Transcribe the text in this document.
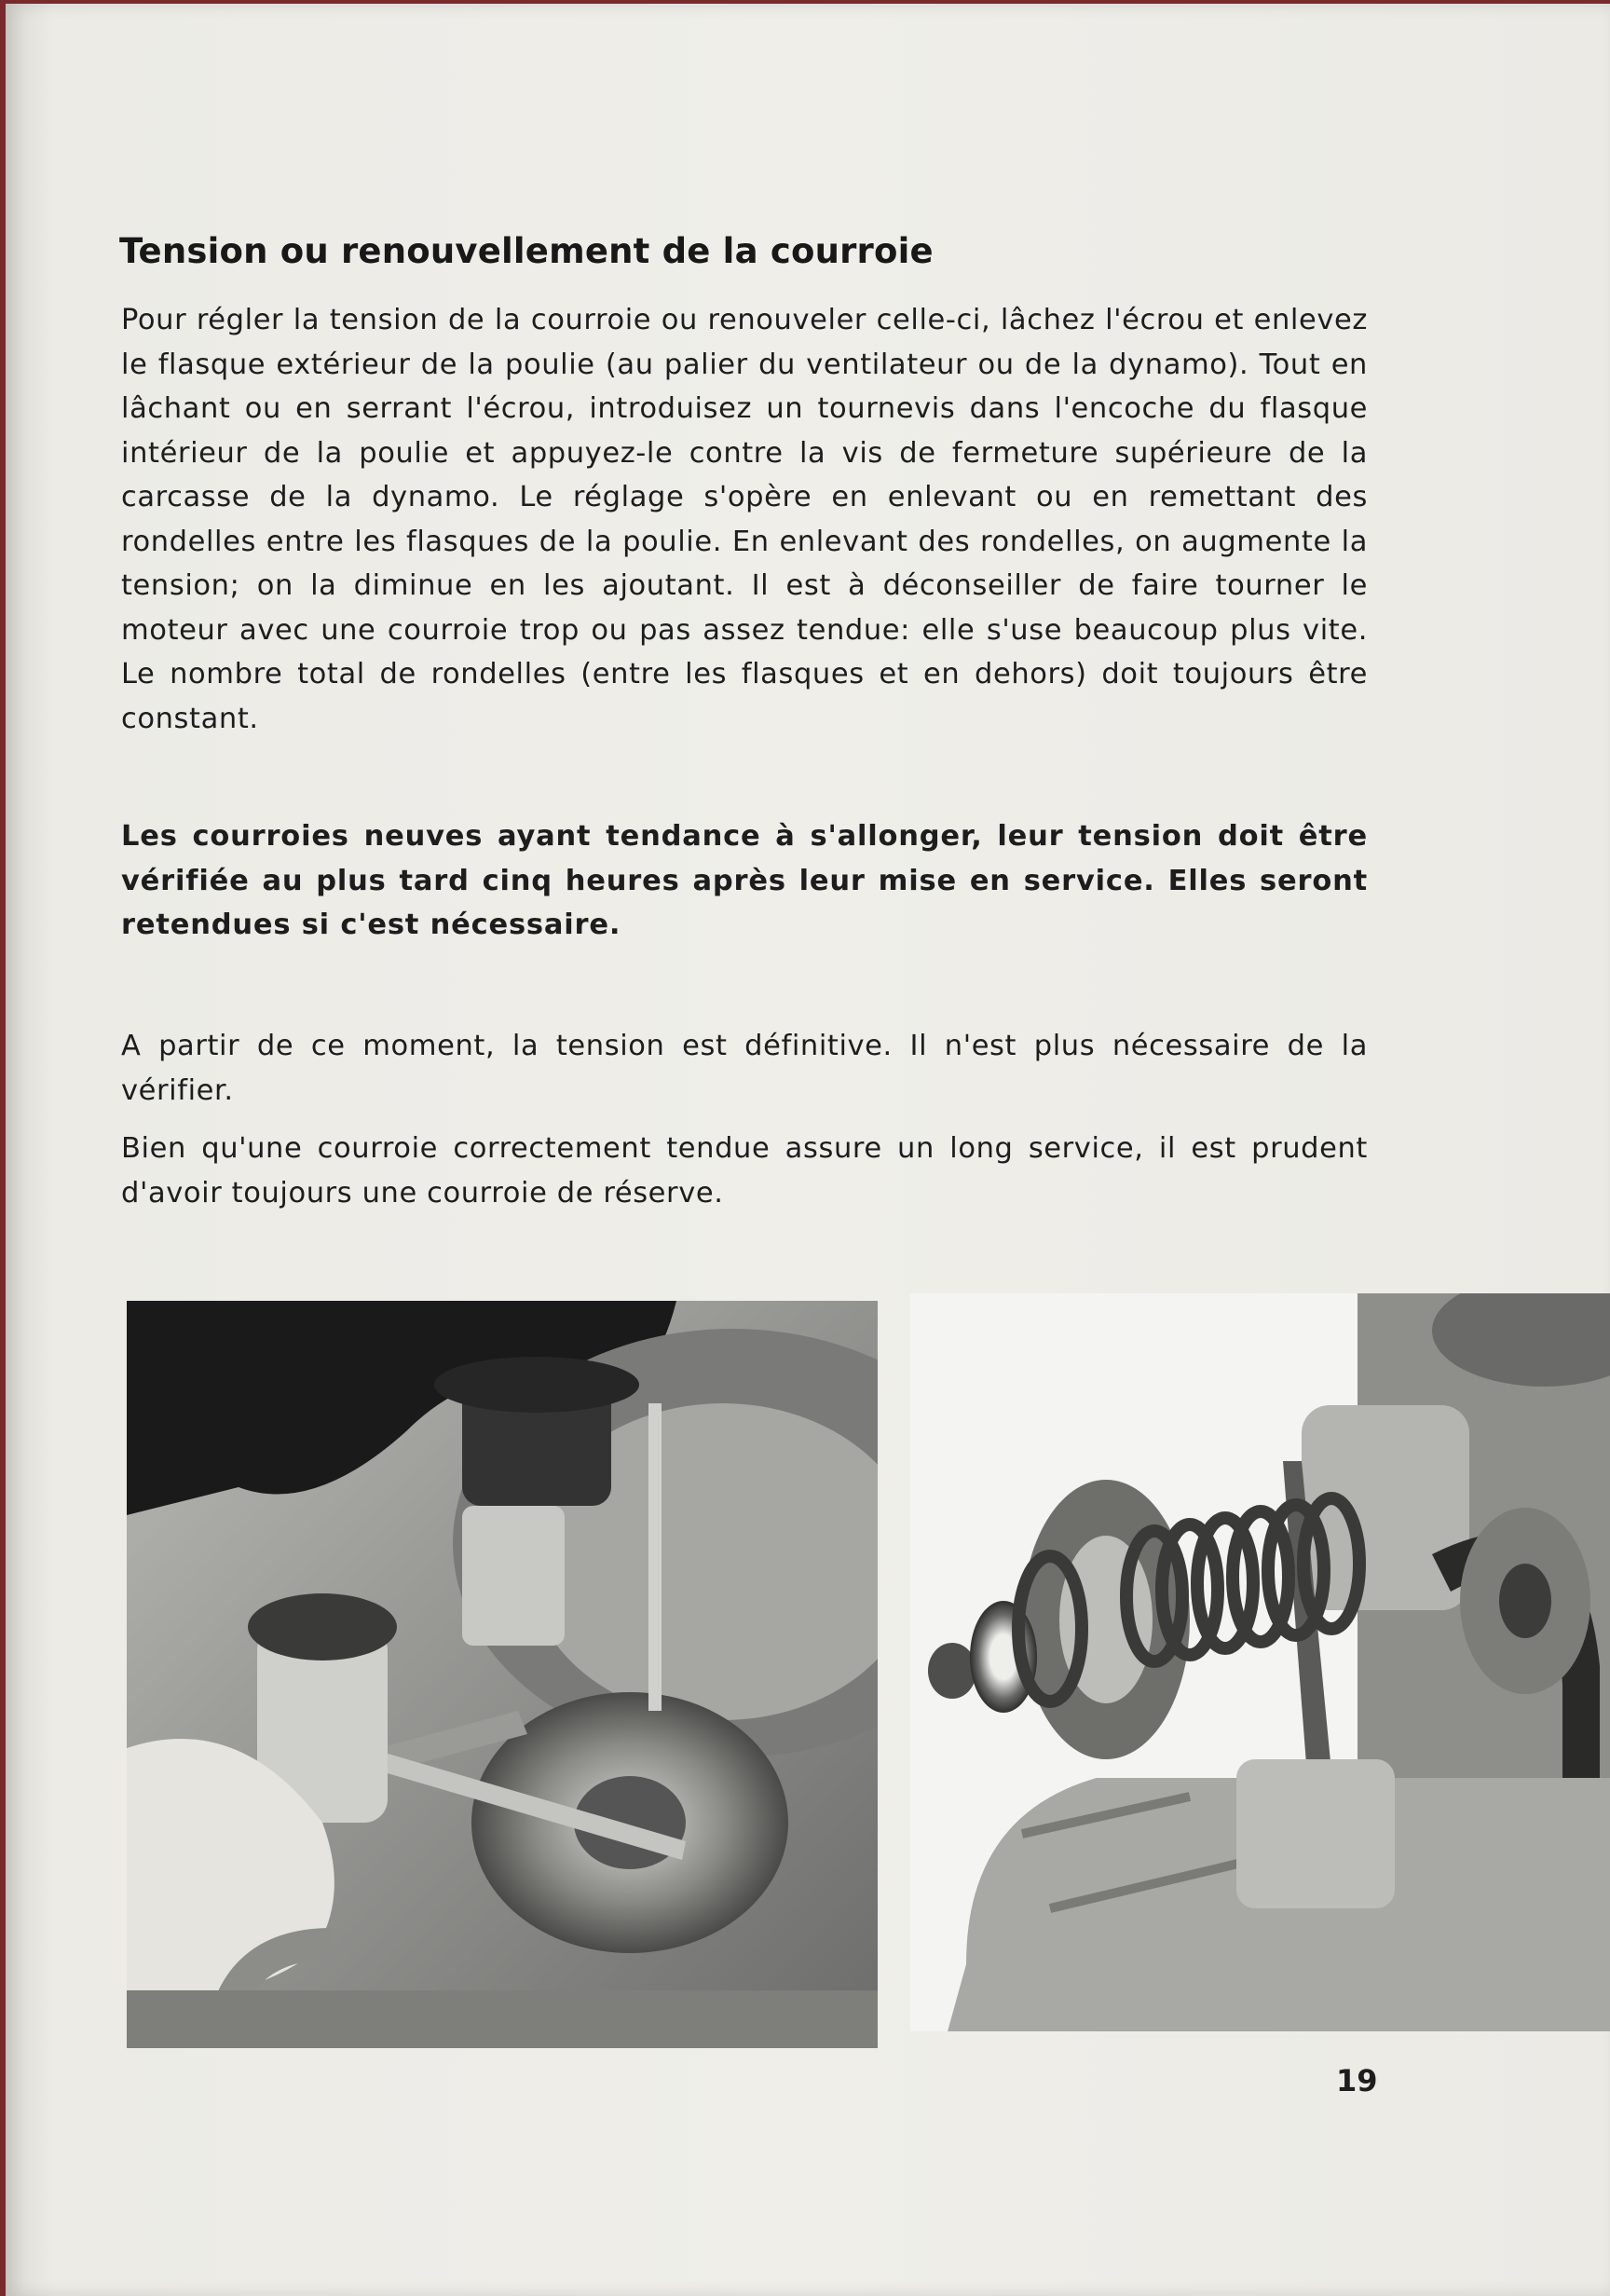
Tension ou renouvellement de la courroie

Pour régler la tension de la courroie ou renouveler celle-ci, lâchez l'écrou et enlevez le flasque extérieur de la poulie (au palier du ventilateur ou de la dynamo). Tout en lâchant ou en serrant l'écrou, introduisez un tournevis dans l'encoche du flasque intérieur de la poulie et appuyez-le contre la vis de fermeture supérieure de la carcasse de la dynamo. Le réglage s'opère en enlevant ou en remettant des rondelles entre les flasques de la poulie. En enlevant des rondelles, on augmente la tension; on la diminue en les ajoutant. Il est à déconseiller de faire tourner le moteur avec une courroie trop ou pas assez tendue: elle s'use beaucoup plus vite. Le nombre total de rondelles (entre les flasques et en dehors) doit toujours être constant.

Les courroies neuves ayant tendance à s'allonger, leur tension doit être vérifiée au plus tard cinq heures après leur mise en service. Elles seront retendues si c'est nécessaire.

A partir de ce moment, la tension est définitive. Il n'est plus nécessaire de la vérifier.

Bien qu'une courroie correctement tendue assure un long service, il est prudent d'avoir toujours une courroie de réserve.

19
